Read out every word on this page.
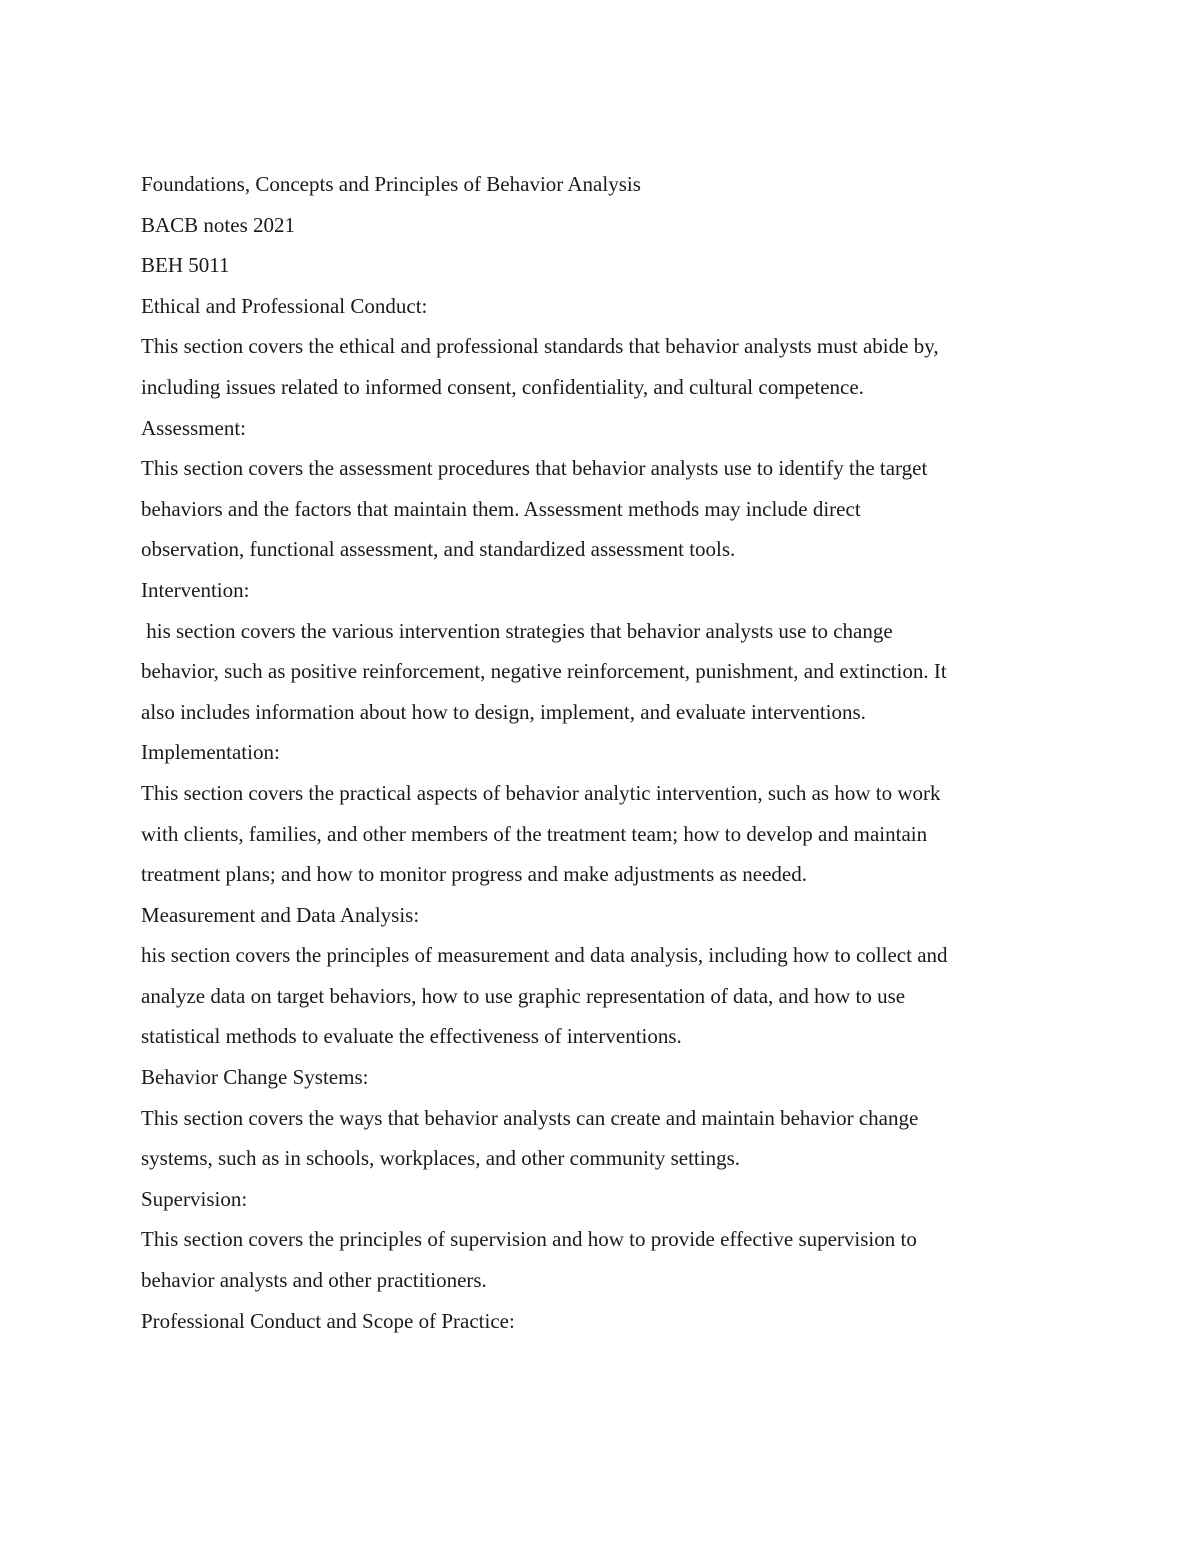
Foundations, Concepts and Principles of Behavior Analysis

BACB notes 2021

BEH 5011

Ethical and Professional Conduct:

This section covers the ethical and professional standards that behavior analysts must abide by,

including issues related to informed consent, confidentiality, and cultural competence.

Assessment:

This section covers the assessment procedures that behavior analysts use to identify the target

behaviors and the factors that maintain them. Assessment methods may include direct

observation, functional assessment, and standardized assessment tools.

Intervention:

his section covers the various intervention strategies that behavior analysts use to change

behavior, such as positive reinforcement, negative reinforcement, punishment, and extinction. It

also includes information about how to design, implement, and evaluate interventions.

Implementation:

This section covers the practical aspects of behavior analytic intervention, such as how to work

with clients, families, and other members of the treatment team; how to develop and maintain

treatment plans; and how to monitor progress and make adjustments as needed.

Measurement and Data Analysis:

his section covers the principles of measurement and data analysis, including how to collect and

analyze data on target behaviors, how to use graphic representation of data, and how to use

statistical methods to evaluate the effectiveness of interventions.

Behavior Change Systems:

This section covers the ways that behavior analysts can create and maintain behavior change

systems, such as in schools, workplaces, and other community settings.

Supervision:

This section covers the principles of supervision and how to provide effective supervision to

behavior analysts and other practitioners.

Professional Conduct and Scope of Practice:
